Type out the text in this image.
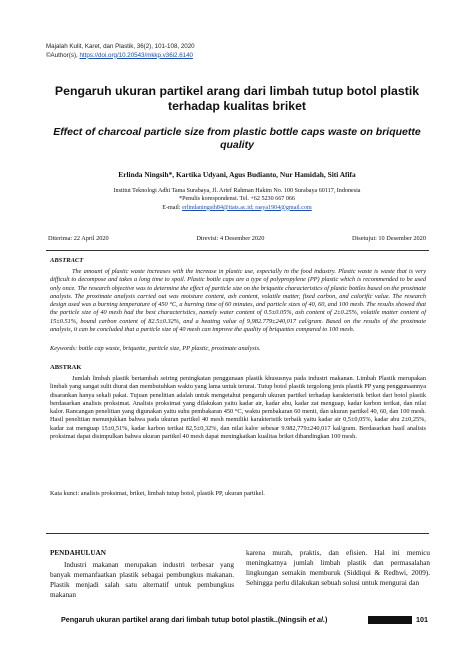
Majalah Kulit, Karet, dan Plastik, 36(2), 101-108, 2020
©Author(s), https://doi.org/10.20543/mkkp.v36i2.6140
Pengaruh ukuran partikel arang dari limbah tutup botol plastik terhadap kualitas briket
Effect of charcoal particle size from plastic bottle caps waste on briquette quality
Erlinda Ningsih*, Kartika Udyani, Agus Budianto, Nur Hamidah, Siti Afifa
Institut Teknologi Adhi Tama Surabaya, Jl. Arief Rahman Hakim No. 100 Surabaya 60117, Indonesia
*Penulis korespondensi. Tel. +62 5230 667 066
E-mail: erlindaningsih84@itats.ac.id; rasya1904@gmail.com
Diterima: 22 April 2020	Direvisi: 4 Desember 2020	Disetujui: 10 Desember 2020
ABSTRACT
The amount of plastic waste increases with the increase in plastic use, especially in the food industry. Plastic waste is waste that is very difficult to decompose and takes a long time to spoil. Plastic bottle caps are a type of polypropylene (PP) plastic which is recommended to be used only once. The research objective was to determine the effect of particle size on the briquette characteristics of plastic bottles based on the proximate analysis. The proximate analysis carried out was moisture content, ash content, volatile matter, fixed carbon, and calorific value. The research design used was a burning temperature of 450 °C, a burning time of 60 minutes, and particle sizes of 40, 60, and 100 mesh. The results showed that the particle size of 40 mesh had the best characteristics, namely water content of 0.5±0.05%, ash content of 2±0.25%, volatile matter content of 15±0.51%, bound carbon content of 82.5±0.32%, and a heating value of 9,982.779±240,017 cal/gram. Based on the results of the proximate analysis, it can be concluded that a particle size of 40 mesh can improve the quality of briquettes compared to 100 mesh.
Keywords: bottle cap waste, briquette, particle size, PP plastic, proximate analysis.
ABSTRAK
Jumlah limbah plastik bertambah seiring peningkatan penggunaan plastik khususnya pada industri makanan. Limbah Plastik merupakan limbah yang sangat sulit diurai dan membutuhkan waktu yang lama untuk terurai. Tutup botol plastik tergolong jenis plastik PP yang penggunaannya disarankan hanya sekali pakai. Tujuan penelitian adalah untuk mengetahui pengaruh ukuran partikel terhadap karakteristik briket dari botol plastik berdasarkan analisis proksimat. Analisis proksimat yang dilakukan yaitu kadar air, kadar abu, kadar zat menguap, kadar karbon terikat, dan nilai kalor. Rancangan penelitian yang digunakan yaitu suhu pembakaran 450 °C, waktu pembakaran 60 menit, dan ukuran partikel 40, 60, dan 100 mesh. Hasil penelitian menunjukkan bahwa pada ukuran partikel 40 mesh memiliki karakteristik terbaik yaitu kadar air 0,5±0,05%, kadar abu 2±0,25%, kadar zat menguap 15±0,51%, kadar karbon terikat 82,5±0,32%, dan nilai kalor sebesar 9.982,779±240,017 kal/gram. Berdasarkan hasil analisis proksimat dapat disimpulkan bahwa ukuran partikel 40 mesh dapat meningkatkan kualitas briket dibandingkan 100 mesh.
Kata kunci: analisis proksimat, briket, limbah tutup botol, plastik PP, ukuran partikel.
PENDAHULUAN
Industri makanan merupakan industri terbesar yang banyak memanfaatkan plastik sebagai pembungkus makanan. Plastik menjadi salah satu alternatif untuk pembungkus makanan
karena murah, praktis, dan efisien. Hal ini memicu meningkatnya jumlah limbah plastik dan permasalahan lingkungan semakin memburuk (Siddiqui & Redhwi, 2009). Sehingga perlu dilakukan sebuah solusi untuk mengurai dan
Pengaruh ukuran partikel arang dari limbah tutup botol plastik..(Ningsih et al.)	101
